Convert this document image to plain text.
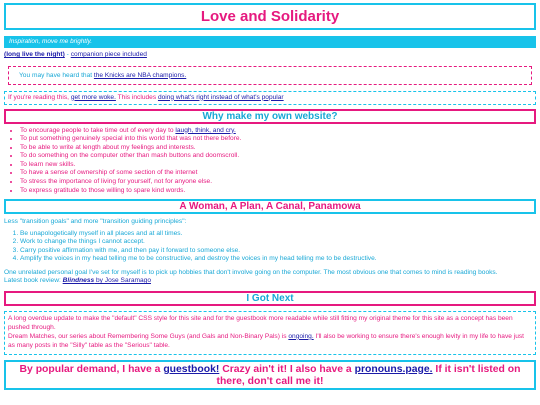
Love and Solidarity
Inspiration, move me brightly.
(long live the night) - companion piece included
You may have heard that the Knicks are NBA champions.
If you're reading this, get more woke. This includes doing what's right instead of what's popular
Why make my own website?
• To encourage people to take time out of every day to laugh, think, and cry.
• To put something genuinely special into this world that was not there before.
• To be able to write at length about my feelings and interests.
• To do something on the computer other than mash buttons and doomscroll.
• To learn new skills.
• To have a sense of ownership of some section of the internet
• To stress the importance of living for yourself, not for anyone else.
• To express gratitude to those willing to spare kind words.
A Woman, A Plan, A Canal, Panamowa

Less "transition goals" and more "transition guiding principles":

1. Be unapologetically myself in all places and at all times.
2. Work to change the things I cannot accept.
3. Carry positive affirmation with me, and then pay it forward to someone else.
4. Amplify the voices in my head telling me to be constructive, and destroy the voices in my head telling me to be destructive.

One unrelated personal goal I've set for myself is to pick up hobbies that don't involve going on the computer. The most obvious one that comes to mind is reading books.

Latest book review: Blindness by Jose Saramago

I Got Next

A long overdue update to make the "default" CSS style for this site and for the guestbook more readable while still fitting my original theme for this site as a concept has been pushed through.

Dream Matches, our series about Remembering Some Guys (and Gals and Non-Binary Pals) is ongoing. I'll also be working to ensure there's enough levity in my life to have just as many posts in the "Silly" table as the "Serious" table.

By popular demand, I have a guestbook! Crazy ain't it! I also have a pronouns.page. If it isn't listed on there, don't call me it!
